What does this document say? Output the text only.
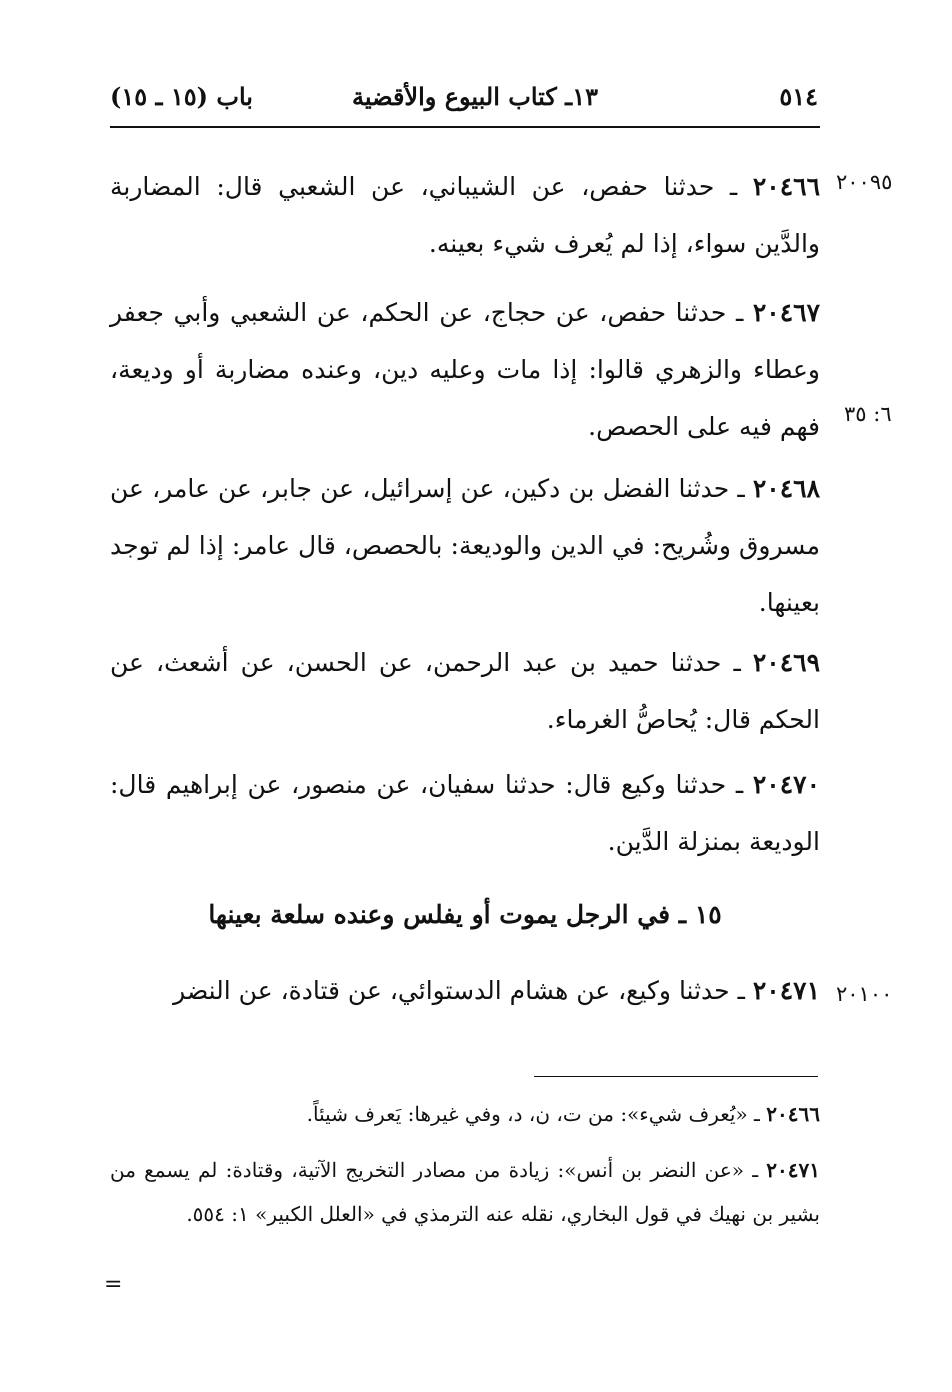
٥١٤
١٣ـ كتاب البيوع والأقضية
باب (١٥ ـ ١٥)
٢٠٠٩٥
٦: ٣٥
٢٠١٠٠

٢٠٤٦٦ ـ حدثنا حفص، عن الشيباني، عن الشعبي قال: المضاربة والدَّين سواء، إذا لم يُعرف شيء بعينه.

٢٠٤٦٧ ـ حدثنا حفص، عن حجاج، عن الحكم، عن الشعبي وأبي جعفر وعطاء والزهري قالوا: إذا مات وعليه دين، وعنده مضاربة أو وديعة، فهم فيه على الحصص.

٢٠٤٦٨ ـ حدثنا الفضل بن دكين، عن إسرائيل، عن جابر، عن عامر، عن مسروق وشُريح: في الدين والوديعة: بالحصص، قال عامر: إذا لم توجد بعينها.

٢٠٤٦٩ ـ حدثنا حميد بن عبد الرحمن، عن الحسن، عن أشعث، عن الحكم قال: يُحاصُّ الغرماء.

٢٠٤٧٠ ـ حدثنا وكيع قال: حدثنا سفيان، عن منصور، عن إبراهيم قال: الوديعة بمنزلة الدَّين.

١٥ ـ في الرجل يموت أو يفلس وعنده سلعة بعينها

٢٠٤٧١ ـ حدثنا وكيع، عن هشام الدستوائي، عن قتادة، عن النضر

٢٠٤٦٦ ـ «يُعرف شيء»: من ت، ن، د، وفي غيرها: يَعرف شيئاً.

٢٠٤٧١ ـ «عن النضر بن أنس»: زيادة من مصادر التخريج الآتية، وقتادة: لم يسمع من بشير بن نهيك في قول البخاري، نقله عنه الترمذي في «العلل الكبير» ١: ٥٥٤.

=
